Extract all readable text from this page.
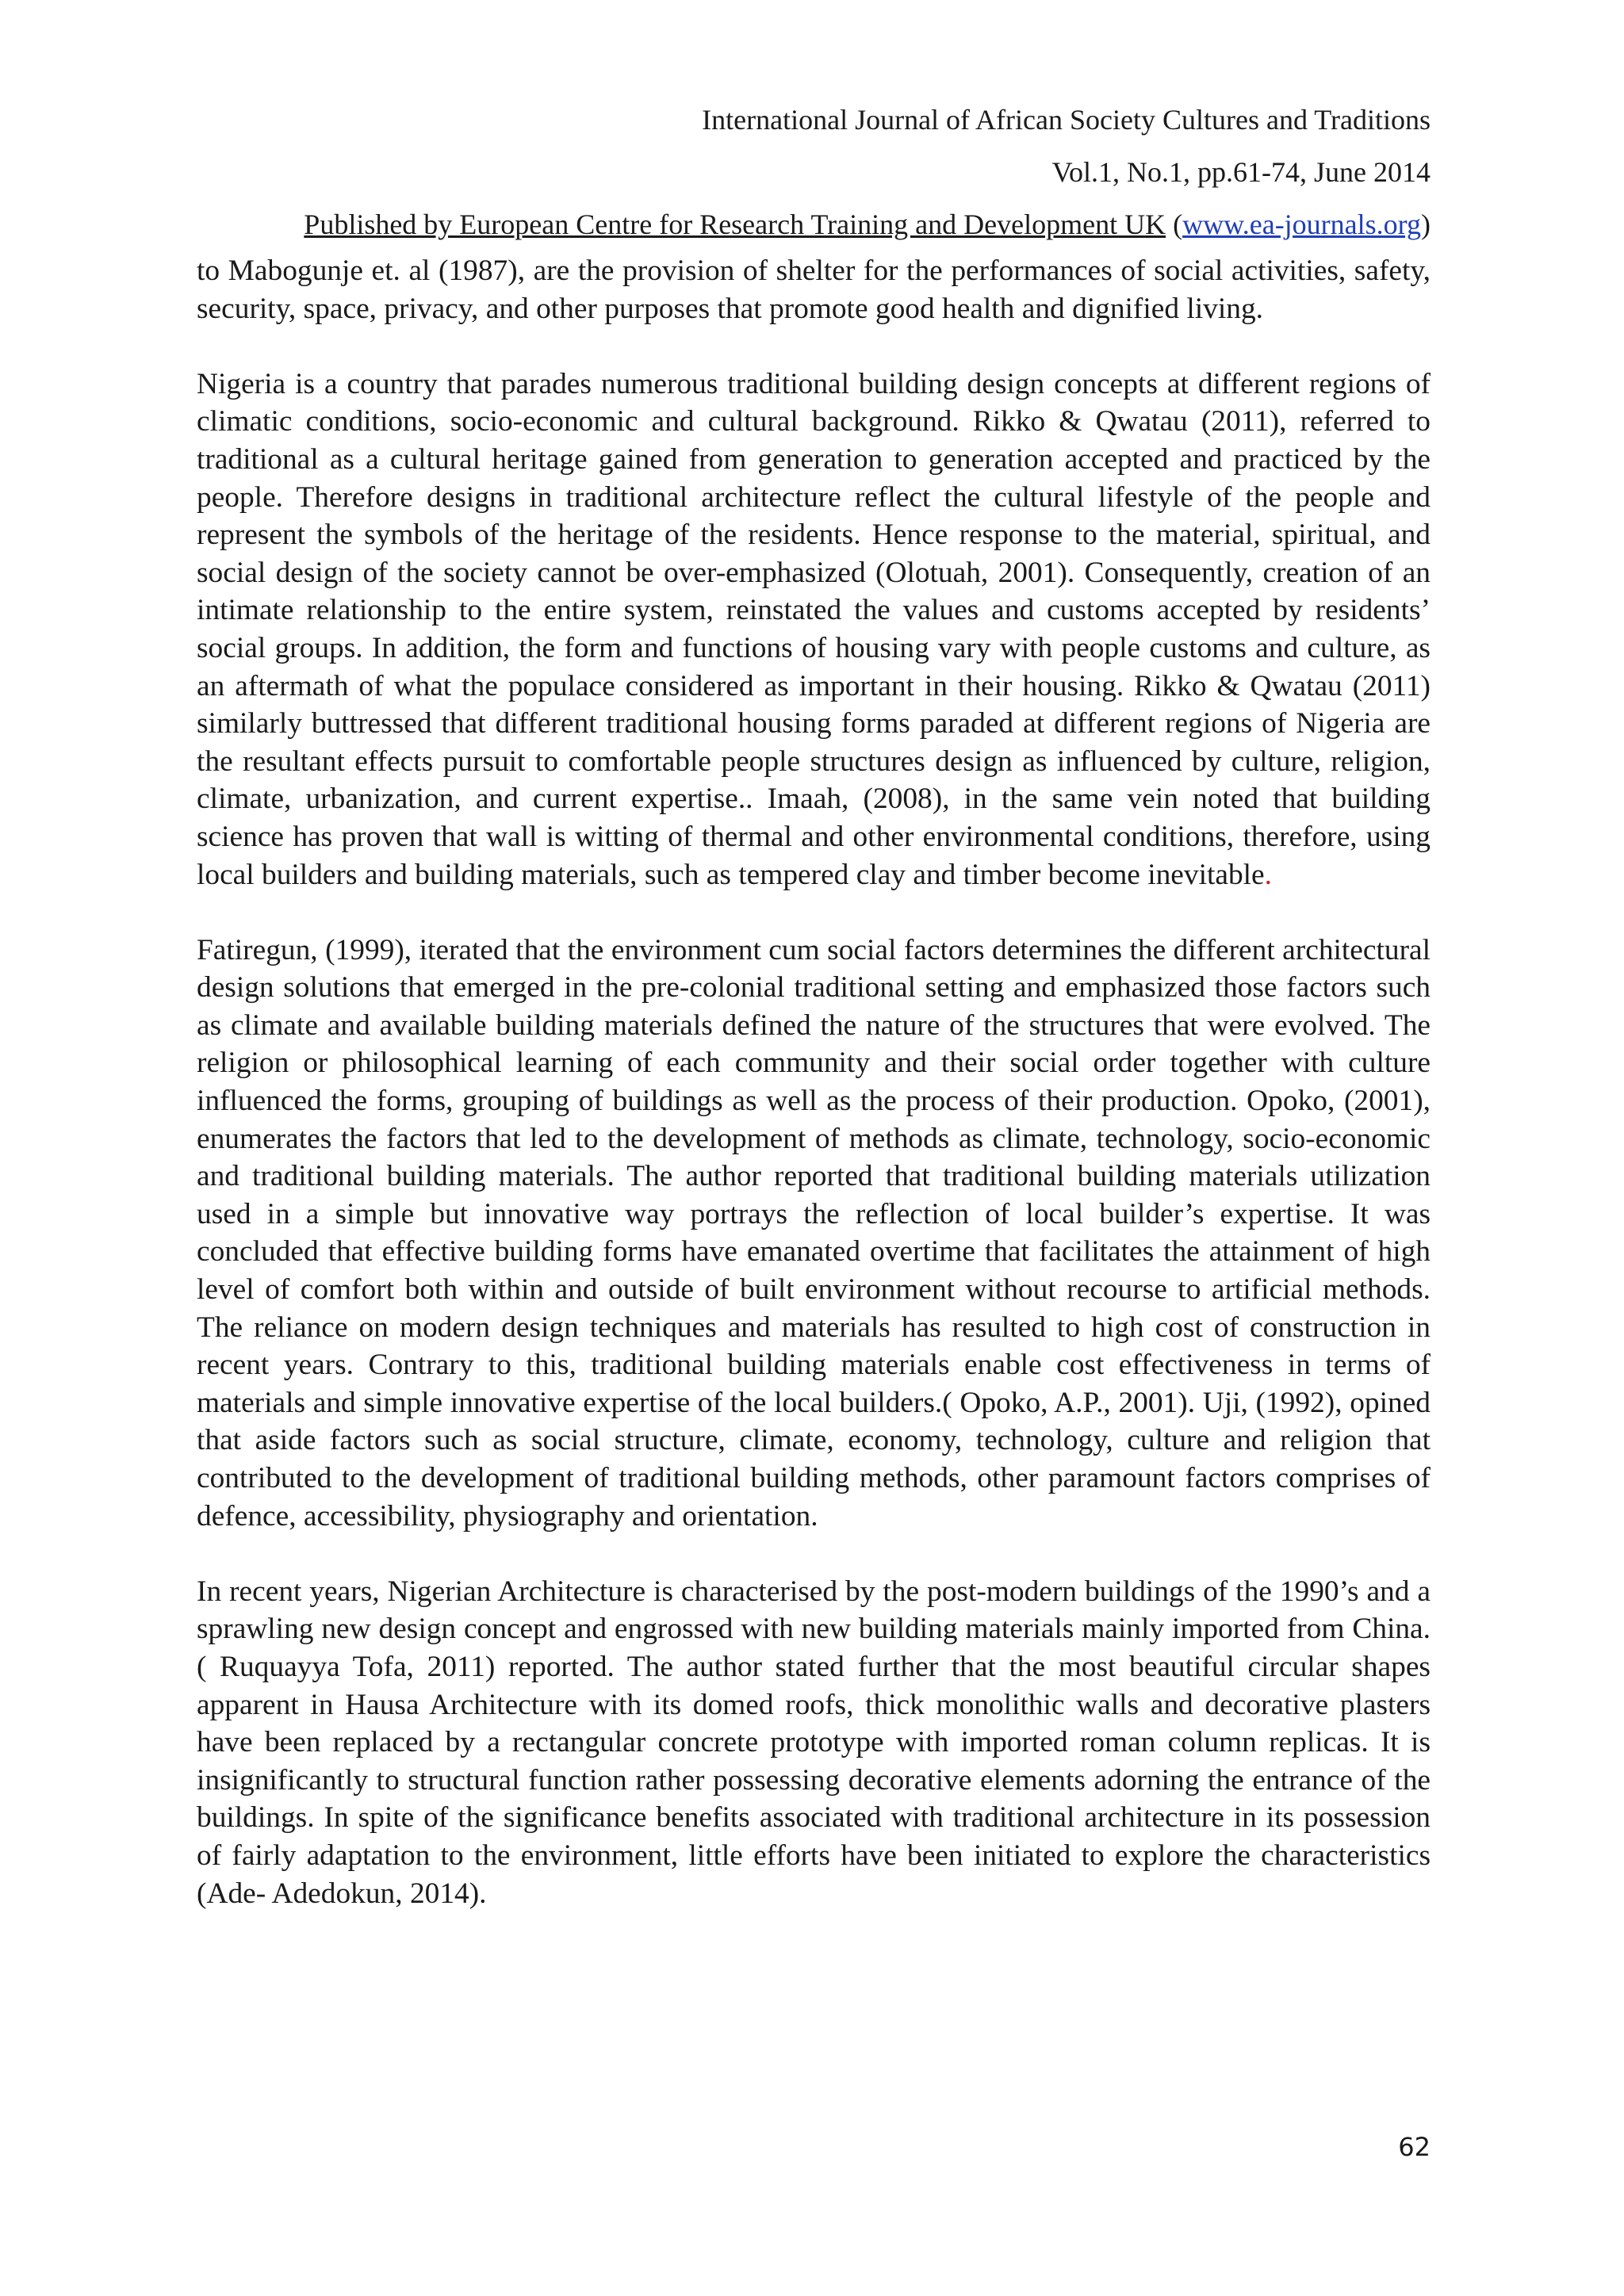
International Journal of African Society Cultures and Traditions
Vol.1, No.1, pp.61-74, June 2014
Published by European Centre for Research Training and Development UK (www.ea-journals.org)

to Mabogunje et. al (1987), are the provision of shelter for the performances of social activities, safety, security, space, privacy, and other purposes that promote good health and dignified living.

Nigeria is a country that parades numerous traditional building design concepts at different regions of climatic conditions, socio-economic and cultural background. Rikko & Qwatau (2011), referred to traditional as a cultural heritage gained from generation to generation accepted and practiced by the people. Therefore designs in traditional architecture reflect the cultural lifestyle of the people and represent the symbols of the heritage of the residents. Hence response to the material, spiritual, and social design of the society cannot be over-emphasized (Olotuah, 2001). Consequently, creation of an intimate relationship to the entire system, reinstated the values and customs accepted by residents’ social groups. In addition, the form and functions of housing vary with people customs and culture, as an aftermath of what the populace considered as important in their housing. Rikko & Qwatau (2011) similarly buttressed that different traditional housing forms paraded at different regions of Nigeria are the resultant effects pursuit to comfortable people structures design as influenced by culture, religion, climate, urbanization, and current expertise.. Imaah, (2008), in the same vein noted that building science has proven that wall is witting of thermal and other environmental conditions, therefore, using local builders and building materials, such as tempered clay and timber become inevitable.

Fatiregun, (1999), iterated that the environment cum social factors determines the different architectural design solutions that emerged in the pre-colonial traditional setting and emphasized those factors such as climate and available building materials defined the nature of the structures that were evolved. The religion or philosophical learning of each community and their social order together with culture influenced the forms, grouping of buildings as well as the process of their production. Opoko, (2001), enumerates the factors that led to the development of methods as climate, technology, socio-economic and traditional building materials. The author reported that traditional building materials utilization used in a simple but innovative way portrays the reflection of local builder’s expertise. It was concluded that effective building forms have emanated overtime that facilitates the attainment of high level of comfort both within and outside of built environment without recourse to artificial methods. The reliance on modern design techniques and materials has resulted to high cost of construction in recent years. Contrary to this, traditional building materials enable cost effectiveness in terms of materials and simple innovative expertise of the local builders.( Opoko, A.P., 2001). Uji, (1992), opined that aside factors such as social structure, climate, economy, technology, culture and religion that contributed to the development of traditional building methods, other paramount factors comprises of defence, accessibility, physiography and orientation.

In recent years, Nigerian Architecture is characterised by the post-modern buildings of the 1990’s and a sprawling new design concept and engrossed with new building materials mainly imported from China. ( Ruquayya Tofa, 2011) reported. The author stated further that the most beautiful circular shapes apparent in Hausa Architecture with its domed roofs, thick monolithic walls and decorative plasters have been replaced by a rectangular concrete prototype with imported roman column replicas. It is insignificantly to structural function rather possessing decorative elements adorning the entrance of the buildings. In spite of the significance benefits associated with traditional architecture in its possession of fairly adaptation to the environment, little efforts have been initiated to explore the characteristics (Ade- Adedokun, 2014).

62
